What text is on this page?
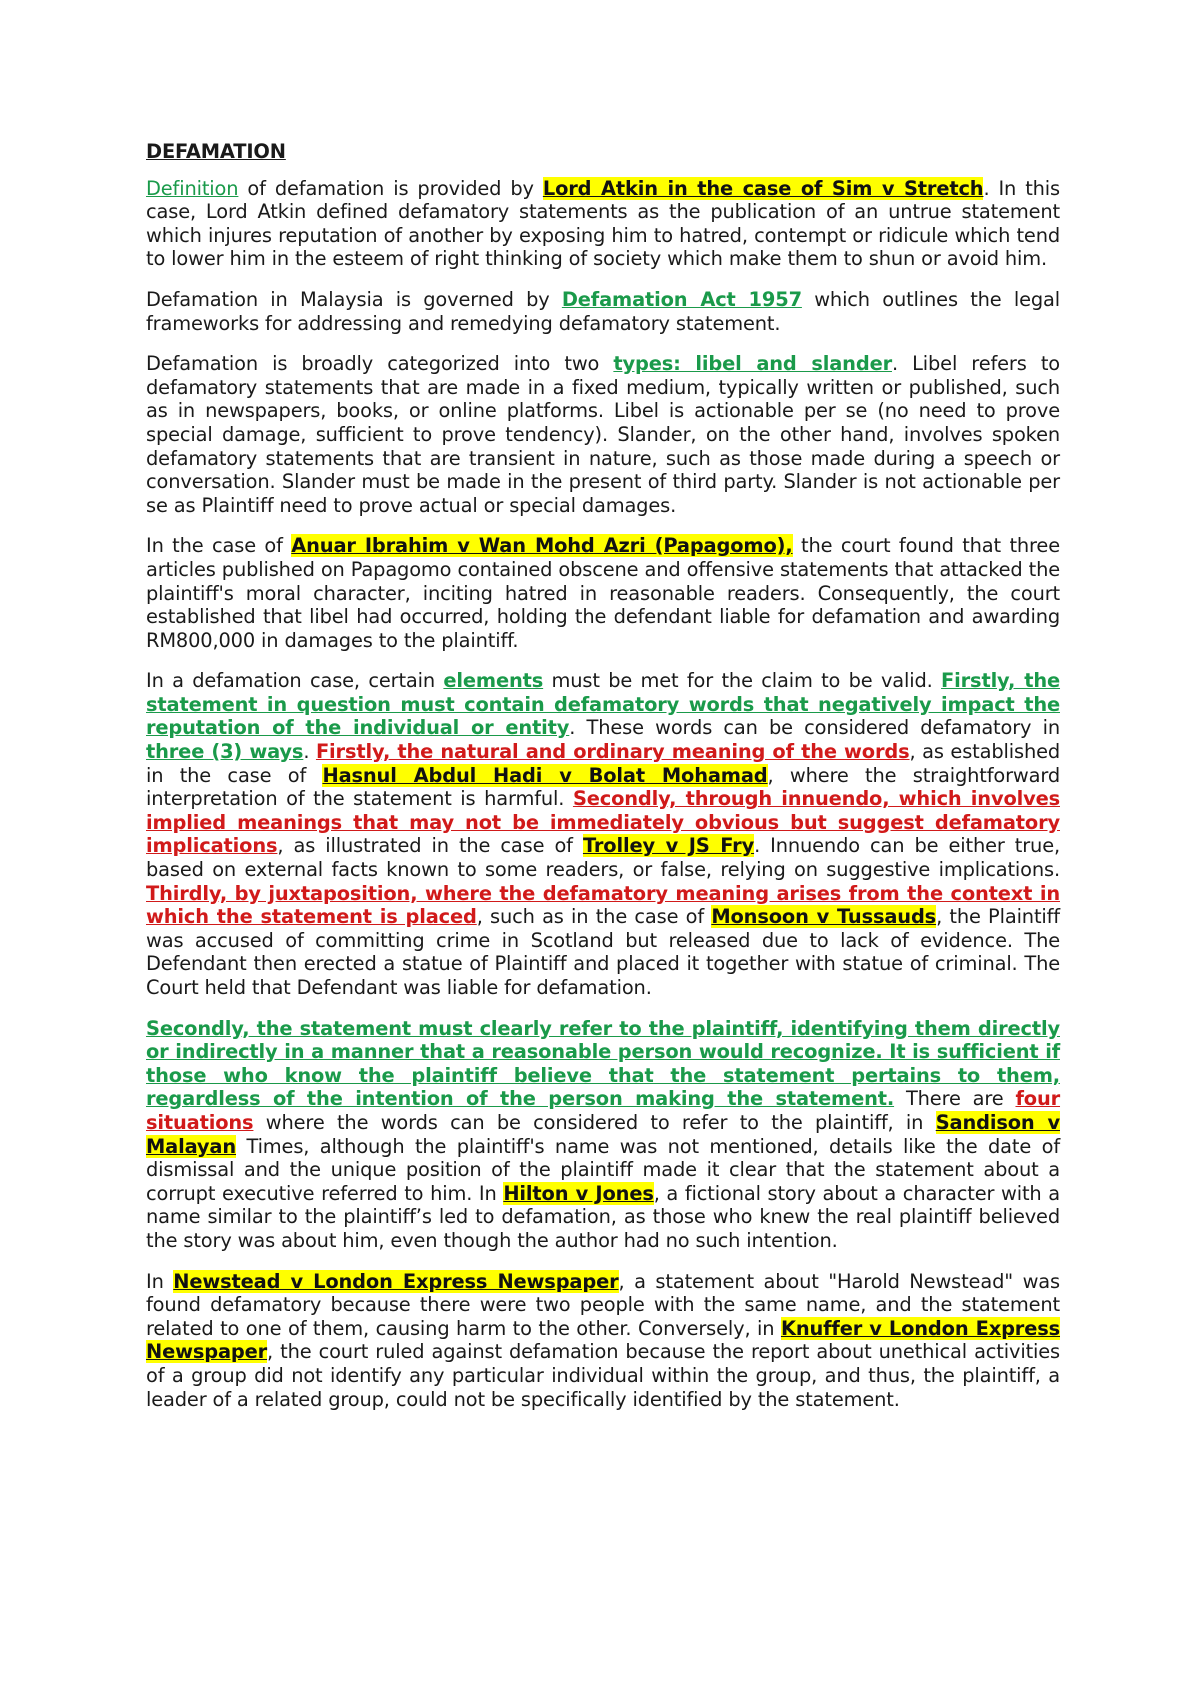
DEFAMATION

Definition of defamation is provided by Lord Atkin in the case of Sim v Stretch. In this case, Lord Atkin defined defamatory statements as the publication of an untrue statement which injures reputation of another by exposing him to hatred, contempt or ridicule which tend to lower him in the esteem of right thinking of society which make them to shun or avoid him.

Defamation in Malaysia is governed by Defamation Act 1957 which outlines the legal frameworks for addressing and remedying defamatory statement.

Defamation is broadly categorized into two types: libel and slander. Libel refers to defamatory statements that are made in a fixed medium, typically written or published, such as in newspapers, books, or online platforms. Libel is actionable per se (no need to prove special damage, sufficient to prove tendency). Slander, on the other hand, involves spoken defamatory statements that are transient in nature, such as those made during a speech or conversation. Slander must be made in the present of third party. Slander is not actionable per se as Plaintiff need to prove actual or special damages.

In the case of Anuar Ibrahim v Wan Mohd Azri (Papagomo), the court found that three articles published on Papagomo contained obscene and offensive statements that attacked the plaintiff's moral character, inciting hatred in reasonable readers. Consequently, the court established that libel had occurred, holding the defendant liable for defamation and awarding RM800,000 in damages to the plaintiff.

In a defamation case, certain elements must be met for the claim to be valid. Firstly, the statement in question must contain defamatory words that negatively impact the reputation of the individual or entity. These words can be considered defamatory in three (3) ways. Firstly, the natural and ordinary meaning of the words, as established in the case of Hasnul Abdul Hadi v Bolat Mohamad, where the straightforward interpretation of the statement is harmful. Secondly, through innuendo, which involves implied meanings that may not be immediately obvious but suggest defamatory implications, as illustrated in the case of Trolley v JS Fry. Innuendo can be either true, based on external facts known to some readers, or false, relying on suggestive implications. Thirdly, by juxtaposition, where the defamatory meaning arises from the context in which the statement is placed, such as in the case of Monsoon v Tussauds, the Plaintiff was accused of committing crime in Scotland but released due to lack of evidence. The Defendant then erected a statue of Plaintiff and placed it together with statue of criminal. The Court held that Defendant was liable for defamation.

Secondly, the statement must clearly refer to the plaintiff, identifying them directly or indirectly in a manner that a reasonable person would recognize. It is sufficient if those who know the plaintiff believe that the statement pertains to them, regardless of the intention of the person making the statement. There are four situations where the words can be considered to refer to the plaintiff, in Sandison v Malayan Times, although the plaintiff's name was not mentioned, details like the date of dismissal and the unique position of the plaintiff made it clear that the statement about a corrupt executive referred to him. In Hilton v Jones, a fictional story about a character with a name similar to the plaintiff’s led to defamation, as those who knew the real plaintiff believed the story was about him, even though the author had no such intention.

In Newstead v London Express Newspaper, a statement about "Harold Newstead" was found defamatory because there were two people with the same name, and the statement related to one of them, causing harm to the other. Conversely, in Knuffer v London Express Newspaper, the court ruled against defamation because the report about unethical activities of a group did not identify any particular individual within the group, and thus, the plaintiff, a leader of a related group, could not be specifically identified by the statement.
